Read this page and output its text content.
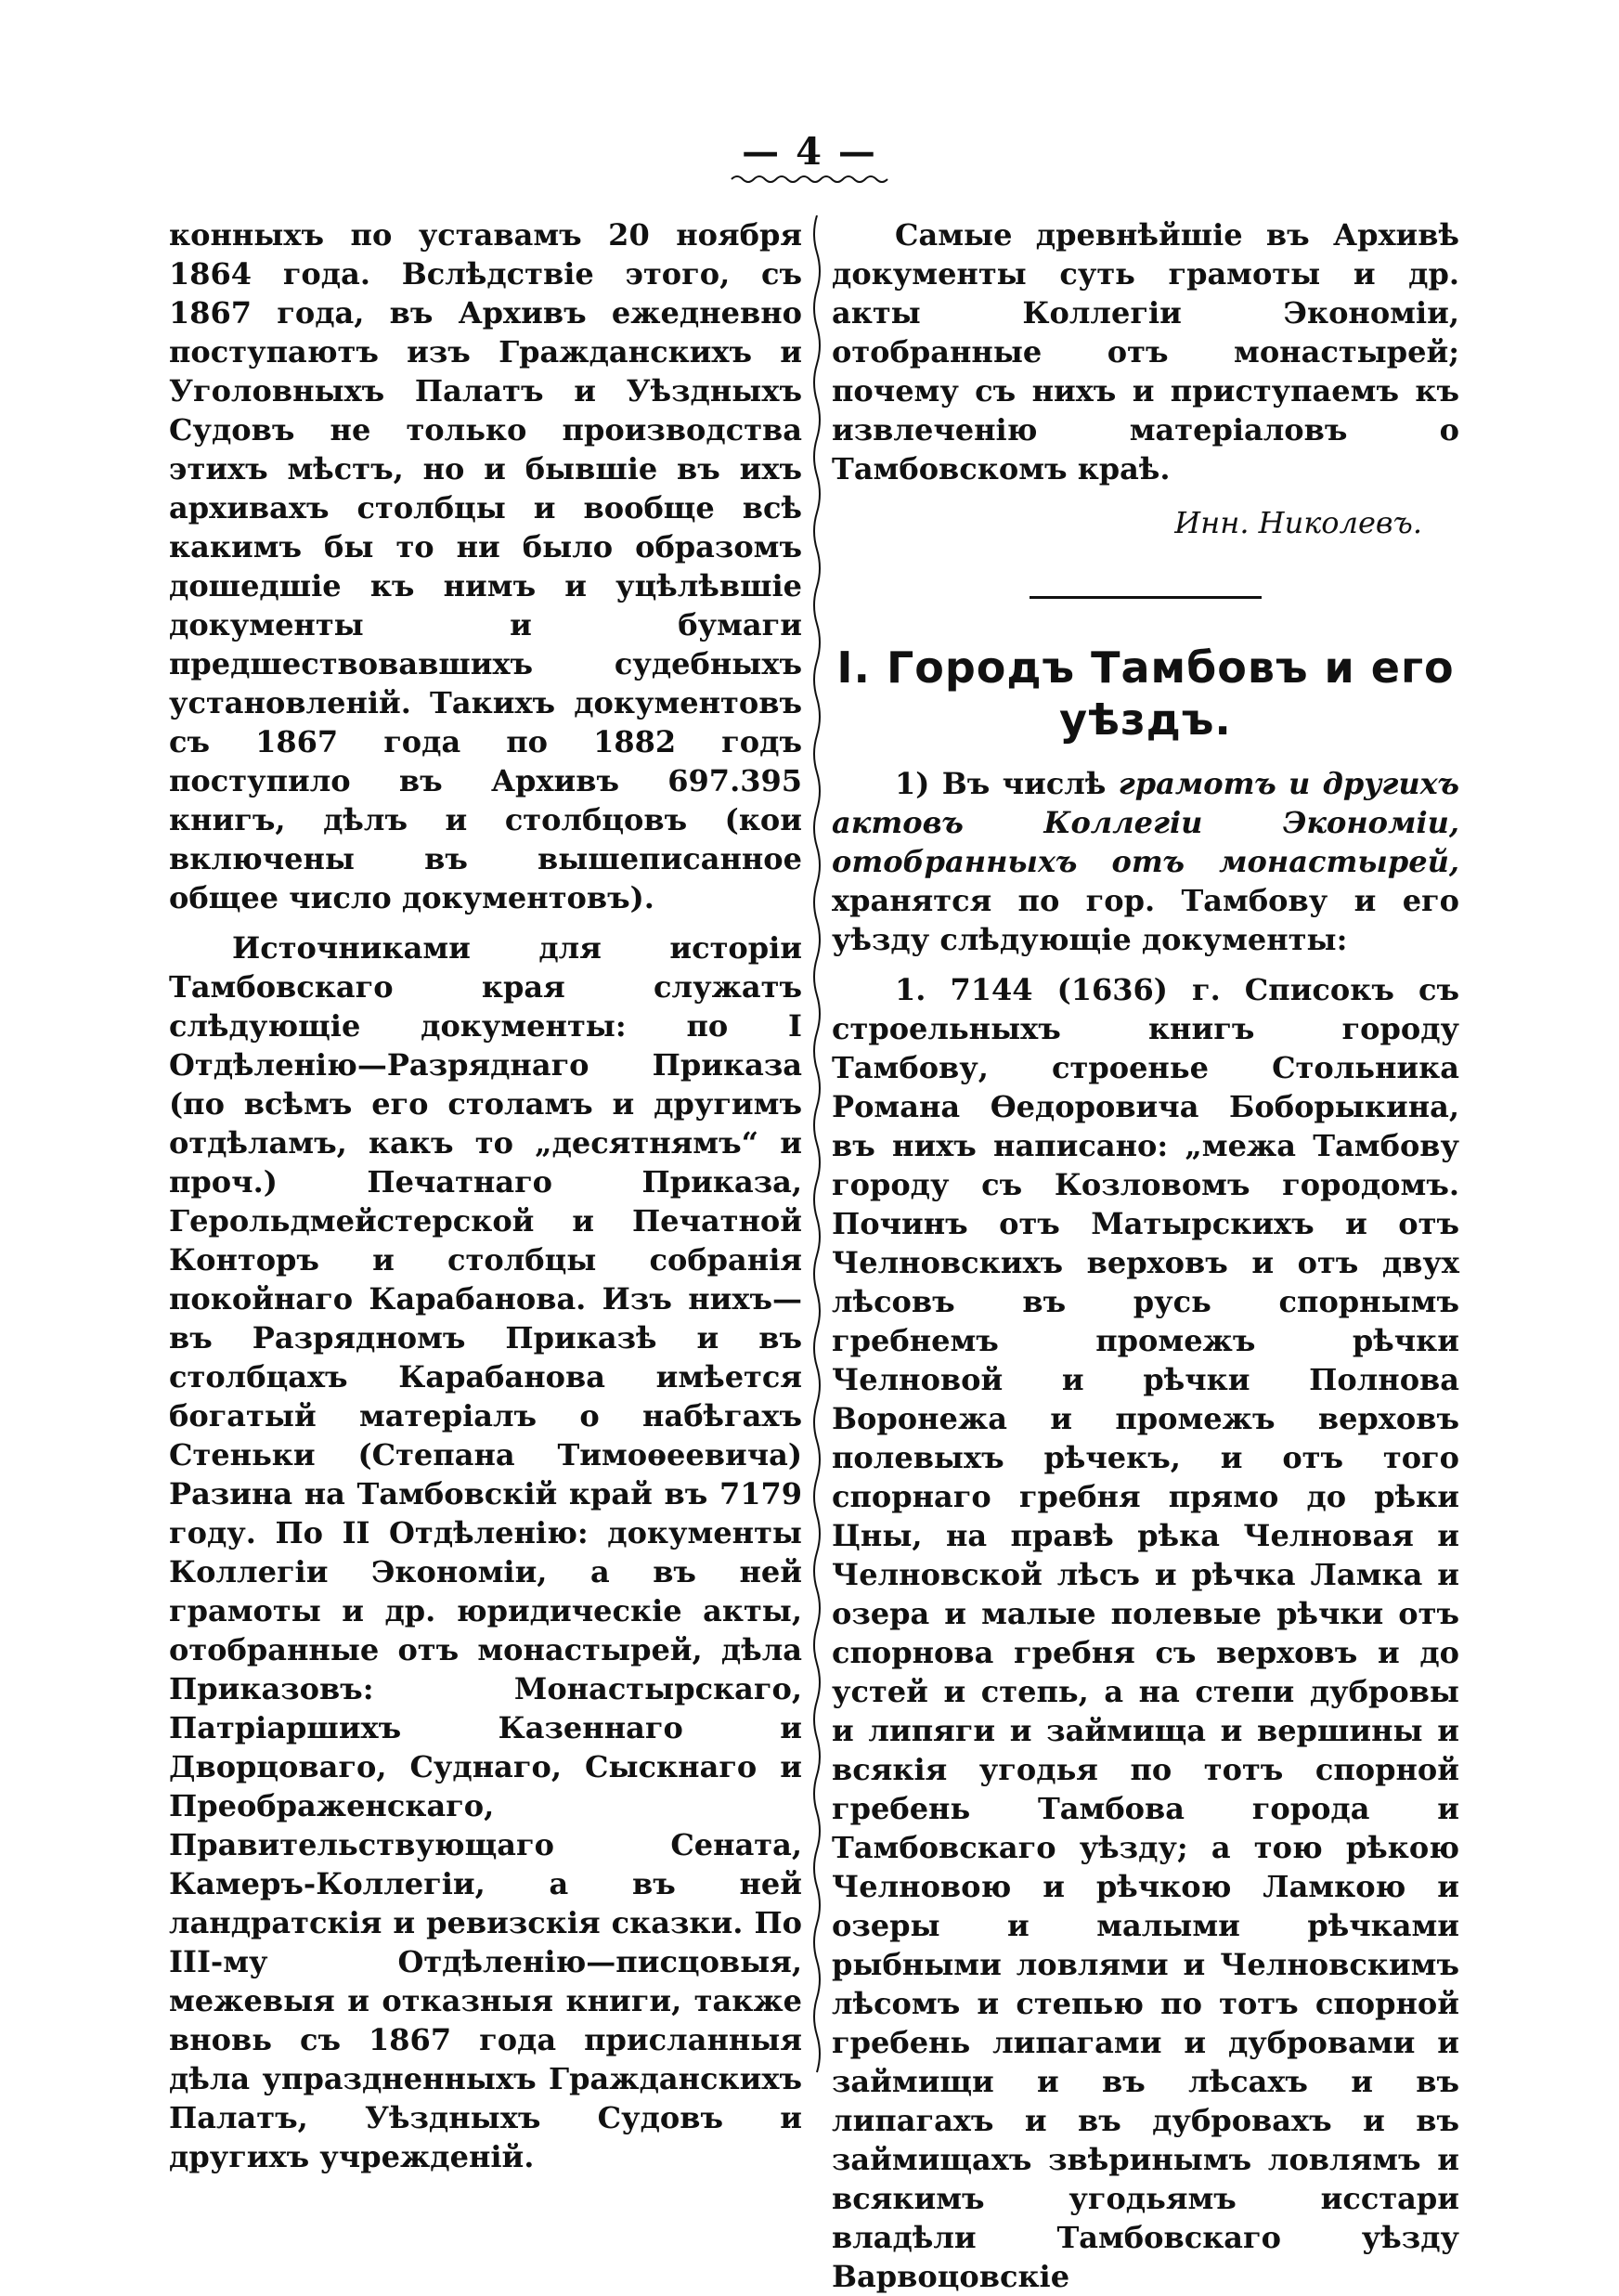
— 4 —

конныхъ по уставамъ 20 ноября 1864 года. Вслѣдствіе этого, съ 1867 года, въ Архивъ ежедневно поступаютъ изъ Гражданскихъ и Уголовныхъ Палатъ и Уѣздныхъ Судовъ не только производства этихъ мѣстъ, но и бывшіе въ ихъ архивахъ столбцы и вообще всѣ какимъ бы то ни было образомъ дошедшіе къ нимъ и уцѣлѣвшіе документы и бумаги предшествовавшихъ судебныхъ установленій. Такихъ документовъ съ 1867 года по 1882 годъ поступило въ Архивъ 697.395 книгъ, дѣлъ и столбцовъ (кои включены въ вышеписанное общее число документовъ).

Источниками для исторіи Тамбовскаго края служатъ слѣдующіе документы: по I Отдѣленію—Разряднаго Приказа (по всѣмъ его столамъ и другимъ отдѣламъ, какъ то „десятнямъ“ и проч.) Печатнаго Приказа, Герольдмейстерской и Печатной Конторъ и столбцы собранія покойнаго Карабанова. Изъ нихъ—въ Разрядномъ Приказѣ и въ столбцахъ Карабанова имѣется богатый матеріалъ о набѣгахъ Стеньки (Степана Тимоѳеевича) Разина на Тамбовскій край въ 7179 году. По II Отдѣленію: документы Коллегіи Экономіи, а въ ней грамоты и др. юридическіе акты, отобранные отъ монастырей, дѣла Приказовъ: Монастырскаго, Патріаршихъ Казеннаго и Дворцоваго, Суднаго, Сыскнаго и Преображенскаго, Правительствующаго Сената, Камеръ-Коллегіи, а въ ней ландратскія и ревизскія сказки. По III-му Отдѣленію—писцовыя, межевыя и отказныя книги, также вновь съ 1867 года присланныя дѣла упраздненныхъ Гражданскихъ Палатъ, Уѣздныхъ Судовъ и другихъ учрежденій.

Самые древнѣйшіе въ Архивѣ документы суть грамоты и др. акты Коллегіи Экономіи, отобранные отъ монастырей; почему съ нихъ и приступаемъ къ извлеченію матеріаловъ о Тамбовскомъ краѣ.

Инн. Николевъ.

I. Городъ Тамбовъ и его уѣздъ.

1) Въ числѣ грамотъ и другихъ актовъ Коллегіи Экономіи, отобранныхъ отъ монастырей, хранятся по гор. Тамбову и его уѣзду слѣдующіе документы:

1. 7144 (1636) г. Списокъ съ строельныхъ книгъ городу Тамбову, строенье Стольника Романа Ѳедоровича Боборыкина, въ нихъ написано: „межа Тамбову городу съ Козловомъ городомъ. Починъ отъ Матырскихъ и отъ Челновскихъ верховъ и отъ двух лѣсовъ въ русь спорнымъ гребнемъ промежъ рѣчки Челновой и рѣчки Полнова Воронежа и промежъ верховъ полевыхъ рѣчекъ, и отъ того спорнаго гребня прямо до рѣки Цны, на правѣ рѣка Челновая и Челновской лѣсъ и рѣчка Ламка и озера и малые полевые рѣчки отъ спорнова гребня съ верховъ и до устей и степь, а на степи дубровы и липяги и займища и вершины и всякія угодья по тотъ спорной гребень Тамбова города и Тамбовскаго уѣзду; а тою рѣкою Челновою и рѣчкою Ламкою и озеры и малыми рѣчками рыбными ловлями и Челновскимъ лѣсомъ и степью по тотъ спорной гребень липагами и дубровами и займищи и въ лѣсахъ и въ липагахъ и въ дубровахъ и въ займищахъ звѣринымъ ловлямъ и всякимъ угодьямъ исстари владѣли Тамбовскаго уѣзду Варвоцовскіе
